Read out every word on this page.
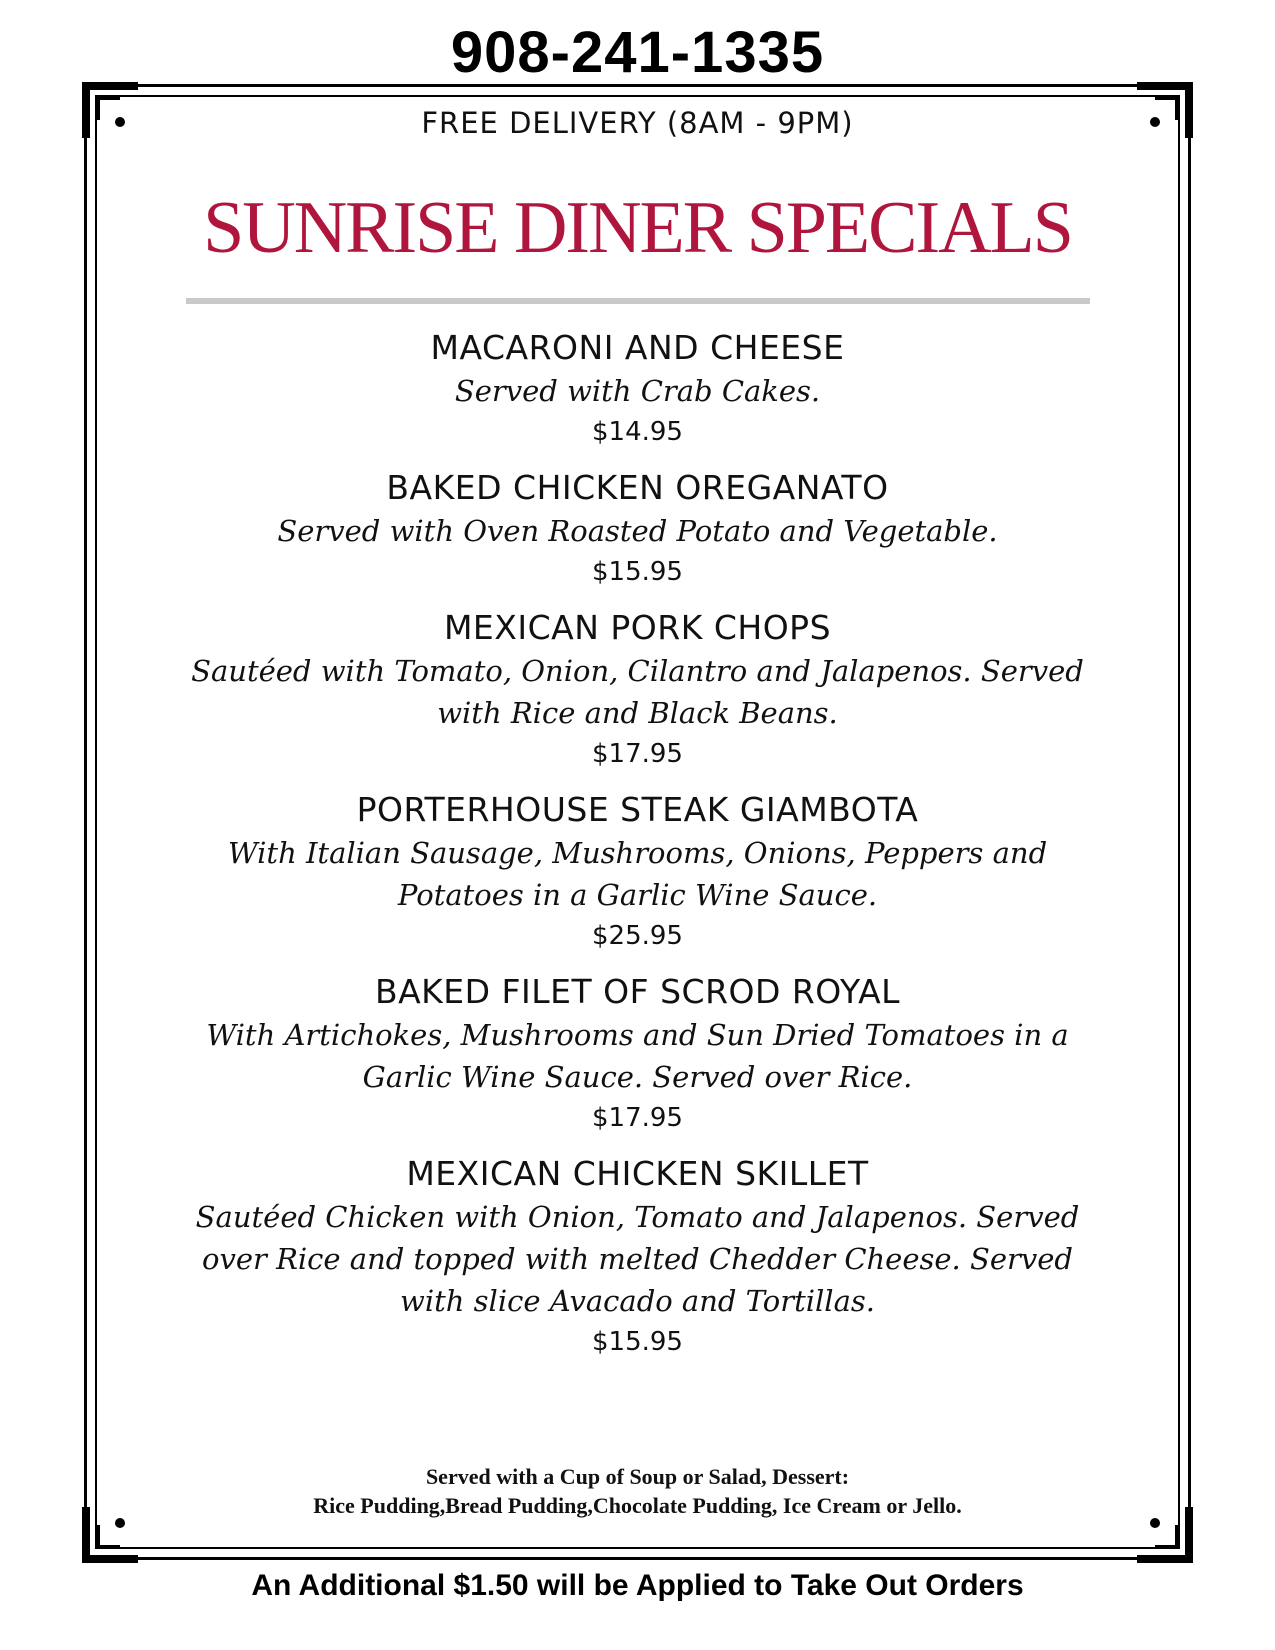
908-241-1335
FREE DELIVERY (8AM - 9PM)
SUNRISE DINER SPECIALS
MACARONI AND CHEESE
Served with Crab Cakes.
$14.95
BAKED CHICKEN OREGANATO
Served with Oven Roasted Potato and Vegetable.
$15.95
MEXICAN PORK CHOPS
Sautéed with Tomato, Onion, Cilantro and Jalapenos. Served with Rice and Black Beans.
$17.95
PORTERHOUSE STEAK GIAMBOTA
With Italian Sausage, Mushrooms, Onions, Peppers and Potatoes in a Garlic Wine Sauce.
$25.95
BAKED FILET OF SCROD ROYAL
With Artichokes, Mushrooms and Sun Dried Tomatoes in a Garlic Wine Sauce. Served over Rice.
$17.95
MEXICAN CHICKEN SKILLET
Sautéed Chicken with Onion, Tomato and Jalapenos. Served over Rice and topped with melted Chedder Cheese. Served with slice Avacado and Tortillas.
$15.95
Served with a Cup of Soup or Salad, Dessert:
Rice Pudding,Bread Pudding,Chocolate Pudding, Ice Cream or Jello.
An Additional $1.50 will be Applied to Take Out Orders
